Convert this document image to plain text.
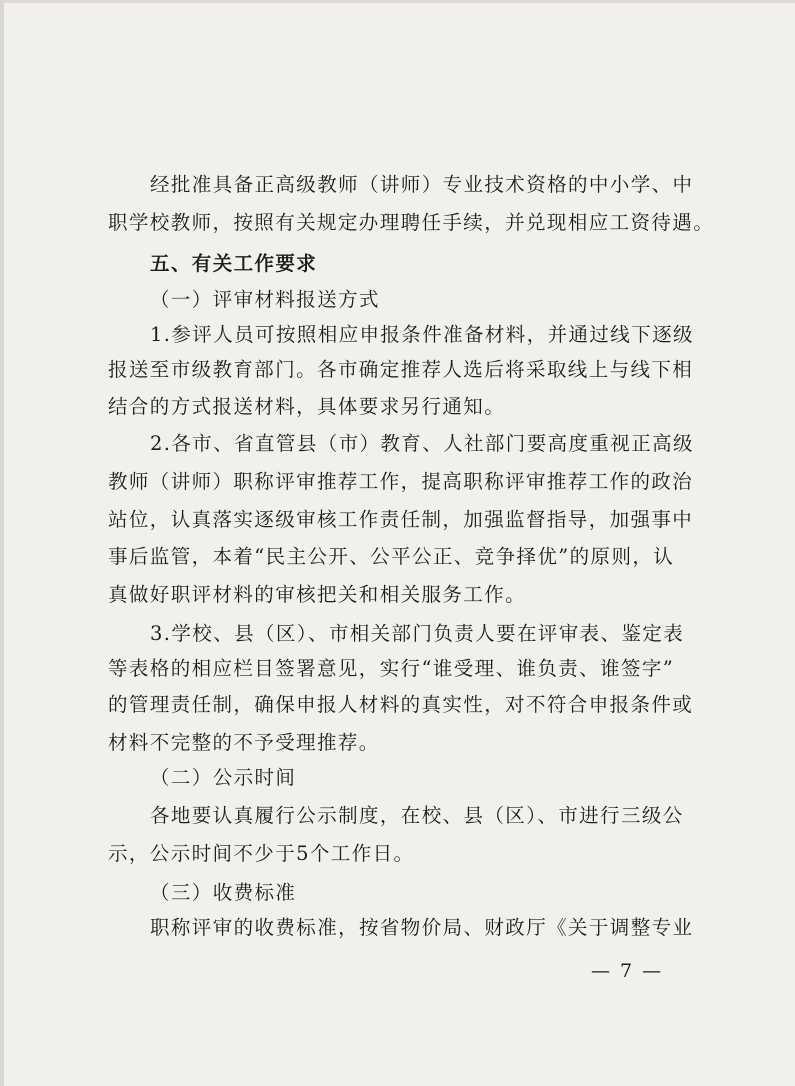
经批准具备正高级教师（讲师）专业技术资格的中小学、中
职学校教师，按照有关规定办理聘任手续，并兑现相应工资待遇。
五、有关工作要求
（一）评审材料报送方式
1.参评人员可按照相应申报条件准备材料，并通过线下逐级
报送至市级教育部门。各市确定推荐人选后将采取线上与线下相
结合的方式报送材料，具体要求另行通知。
2.各市、省直管县（市）教育、人社部门要高度重视正高级
教师（讲师）职称评审推荐工作，提高职称评审推荐工作的政治
站位，认真落实逐级审核工作责任制，加强监督指导，加强事中
事后监管，本着“民主公开、公平公正、竞争择优”的原则，认
真做好职评材料的审核把关和相关服务工作。
3.学校、县（区）、市相关部门负责人要在评审表、鉴定表
等表格的相应栏目签署意见，实行“谁受理、谁负责、谁签字”
的管理责任制，确保申报人材料的真实性，对不符合申报条件或
材料不完整的不予受理推荐。
（二）公示时间
各地要认真履行公示制度，在校、县（区）、市进行三级公
示，公示时间不少于5个工作日。
（三）收费标准
职称评审的收费标准，按省物价局、财政厅《关于调整专业
— 7 —
